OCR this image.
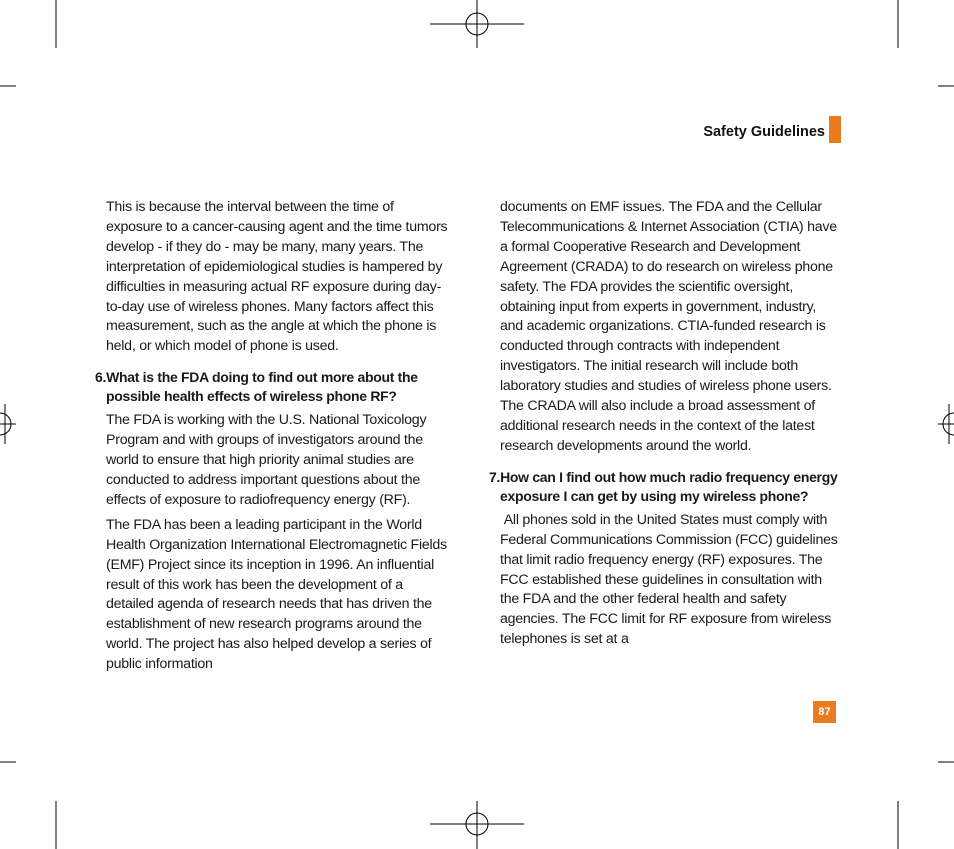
Safety Guidelines

This is because the interval between the time of exposure to a cancer-causing agent and the time tumors develop - if they do - may be many, many years. The interpretation of epidemiological studies is hampered by difficulties in measuring actual RF exposure during day-to-day use of wireless phones. Many factors affect this measurement, such as the angle at which the phone is held, or which model of phone is used.

6.What is the FDA doing to find out more about the possible health effects of wireless phone RF?

The FDA is working with the U.S. National Toxicology Program and with groups of investigators around the world to ensure that high priority animal studies are conducted to address important questions about the effects of exposure to radiofrequency energy (RF).

The FDA has been a leading participant in the World Health Organization International Electromagnetic Fields (EMF) Project since its inception in 1996. An influential result of this work has been the development of a detailed agenda of research needs that has driven the establishment of new research programs around the world. The project has also helped develop a series of public information

documents on EMF issues. The FDA and the Cellular Telecommunications & Internet Association (CTIA) have a formal Cooperative Research and Development Agreement (CRADA) to do research on wireless phone safety. The FDA provides the scientific oversight, obtaining input from experts in government, industry, and academic organizations. CTIA-funded research is conducted through contracts with independent investigators. The initial research will include both laboratory studies and studies of wireless phone users. The CRADA will also include a broad assessment of additional research needs in the context of the latest research developments around the world.

7.How can I find out how much radio frequency energy exposure I can get by using my wireless phone?

All phones sold in the United States must comply with Federal Communications Commission (FCC) guidelines that limit radio frequency energy (RF) exposures. The FCC established these guidelines in consultation with the FDA and the other federal health and safety agencies. The FCC limit for RF exposure from wireless telephones is set at a

87
